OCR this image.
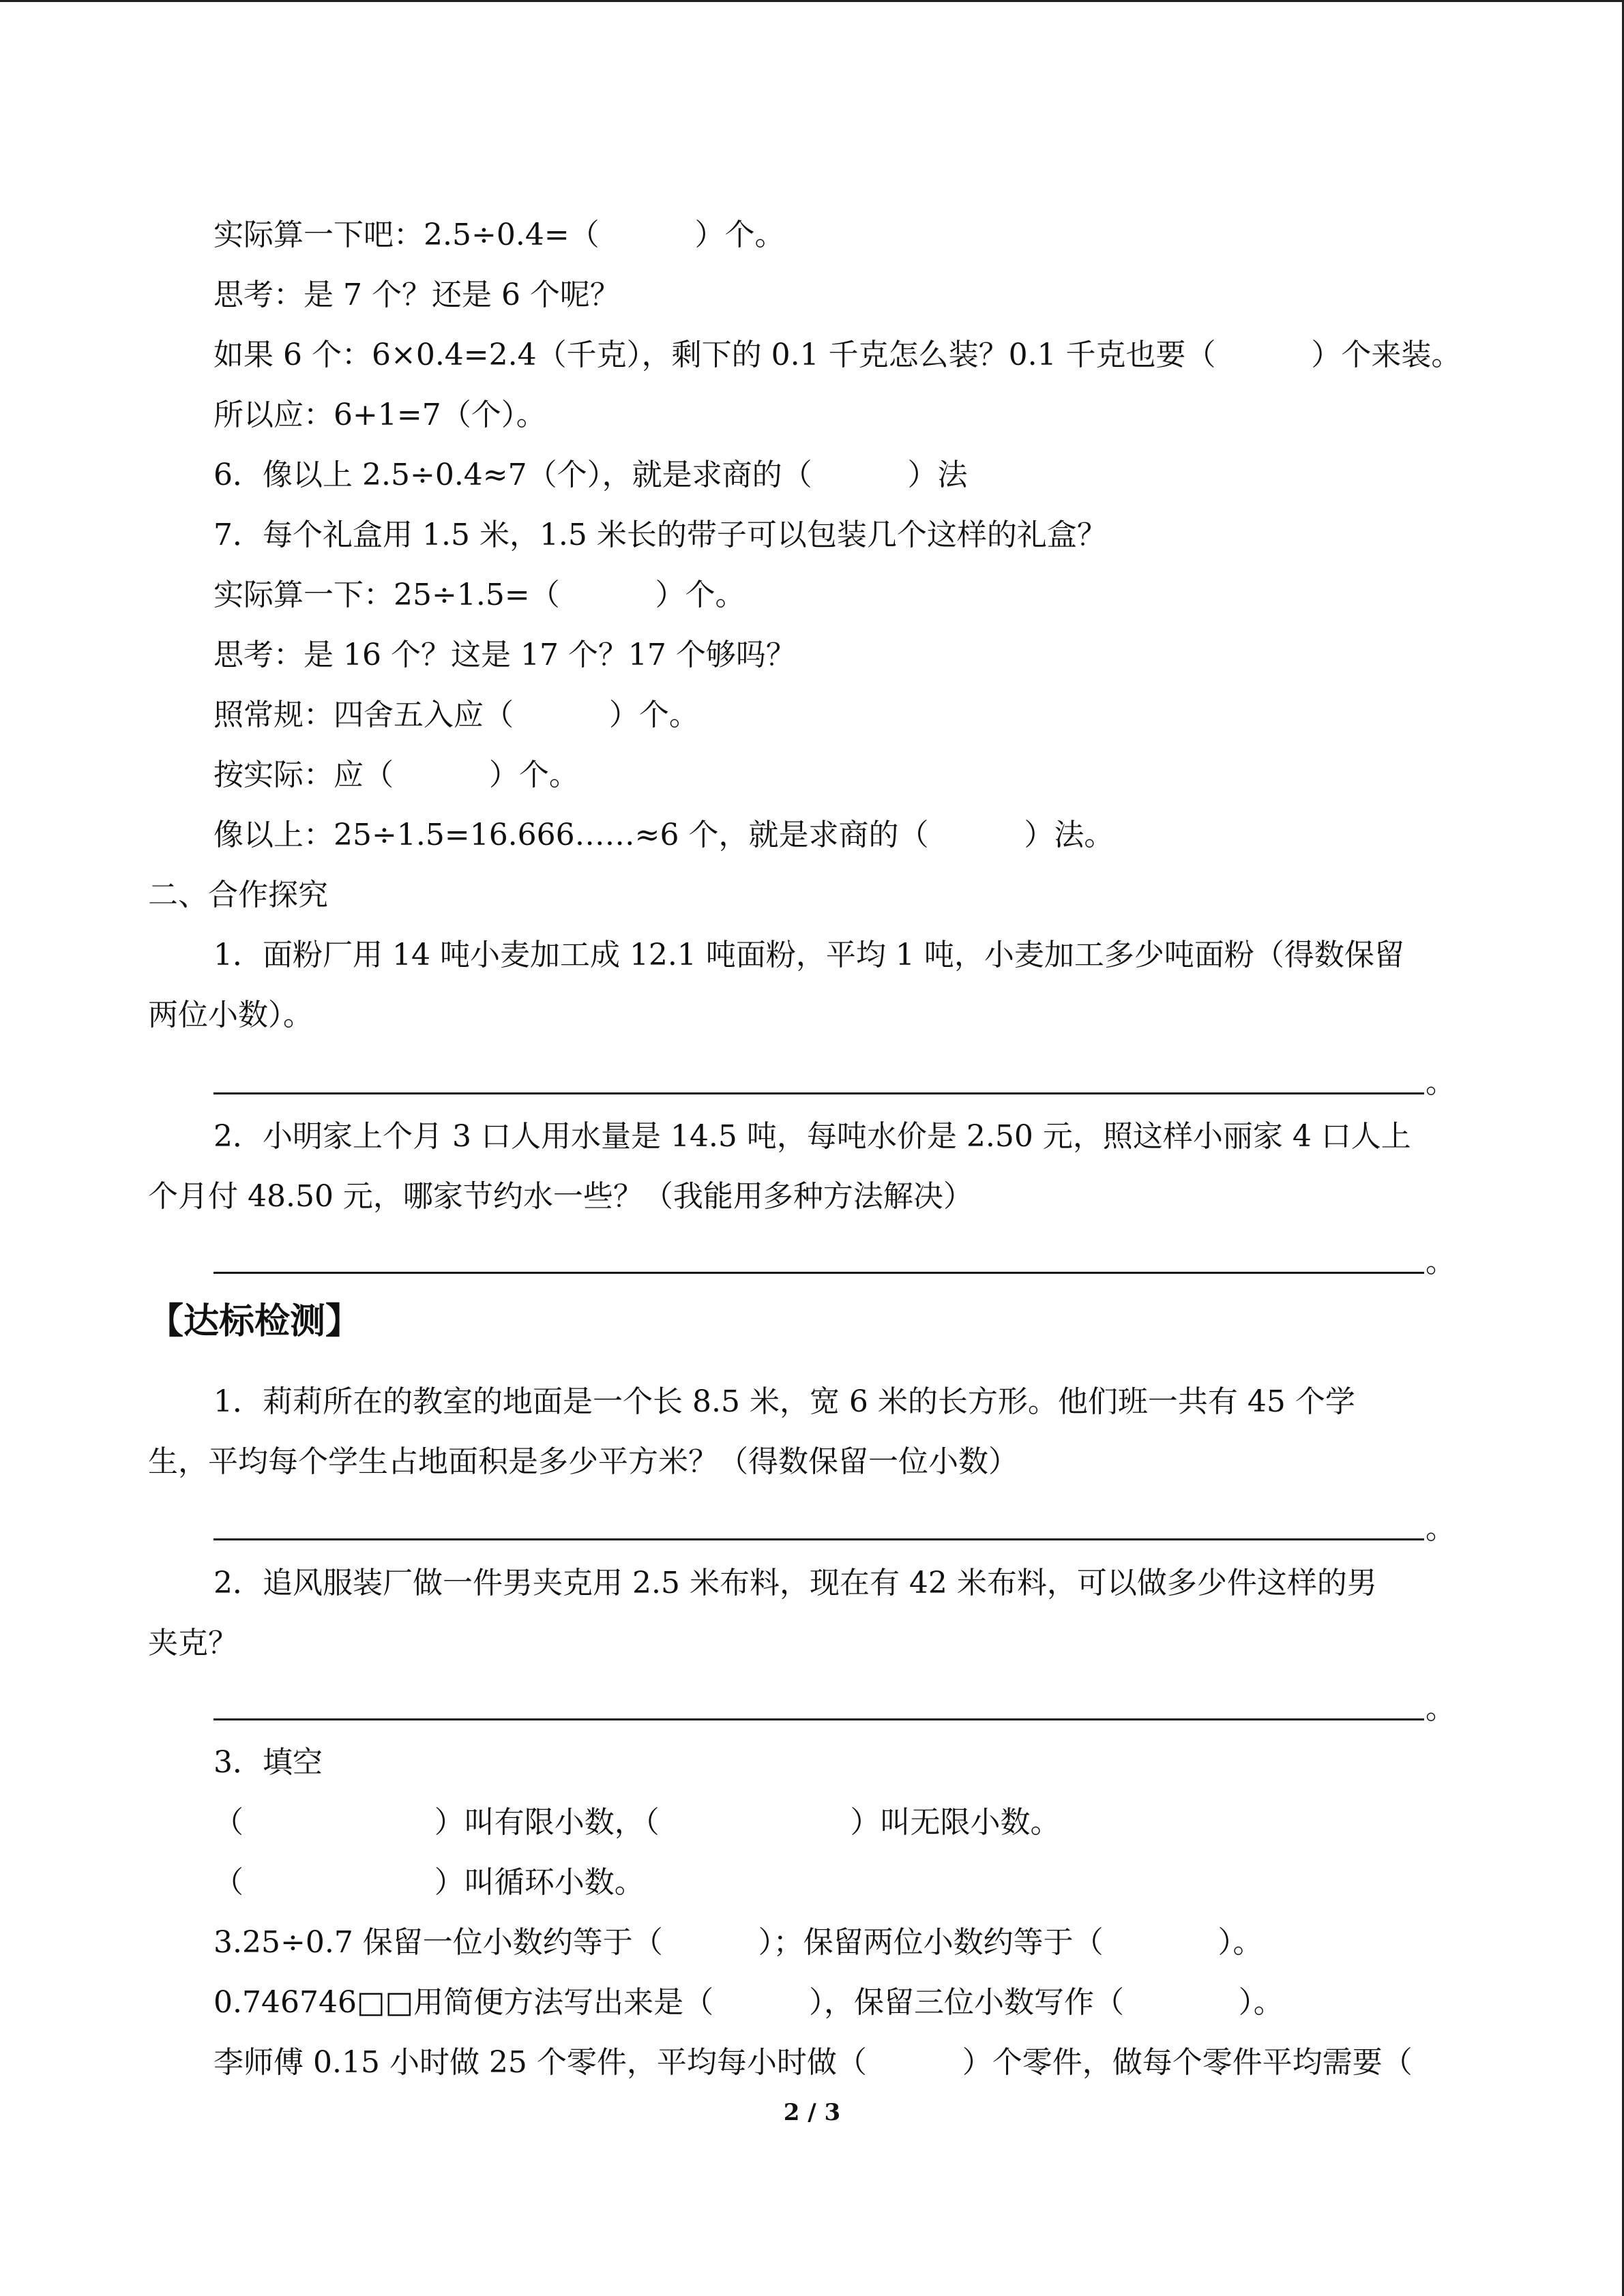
实际算一下吧：2.5÷0.4=（          ）个。
思考：是 7 个？还是 6 个呢？
如果 6 个：6×0.4=2.4（千克），剩下的 0.1 千克怎么装？0.1 千克也要（          ）个来装。
所以应：6+1=7（个）。
6．像以上 2.5÷0.4≈7（个），就是求商的（          ）法
7．每个礼盒用 1.5 米，1.5 米长的带子可以包装几个这样的礼盒？
实际算一下：25÷1.5=（          ）个。
思考：是 16 个？这是 17 个？17 个够吗？
照常规：四舍五入应（          ）个。
按实际：应（          ）个。
像以上：25÷1.5=16.666……≈6 个，就是求商的（          ）法。
二、合作探究
1．面粉厂用 14 吨小麦加工成 12.1 吨面粉，平均 1 吨，小麦加工多少吨面粉（得数保留
两位小数）。
。
2．小明家上个月 3 口人用水量是 14.5 吨，每吨水价是 2.50 元，照这样小丽家 4 口人上
个月付 48.50 元，哪家节约水一些？（我能用多种方法解决）
。
【达标检测】
1．莉莉所在的教室的地面是一个长 8.5 米，宽 6 米的长方形。他们班一共有 45 个学
生，平均每个学生占地面积是多少平方米？（得数保留一位小数）
。
2．追风服装厂做一件男夹克用 2.5 米布料，现在有 42 米布料，可以做多少件这样的男
夹克？
。
3．填空
（                    ）叫有限小数，（                    ）叫无限小数。
（                    ）叫循环小数。
3.25÷0.7 保留一位小数约等于（          ）；保留两位小数约等于（            ）。
0.746746□□用简便方法写出来是（          ），保留三位小数写作（            ）。
李师傅 0.15 小时做 25 个零件，平均每小时做（          ）个零件，做每个零件平均需要（
2 / 3
